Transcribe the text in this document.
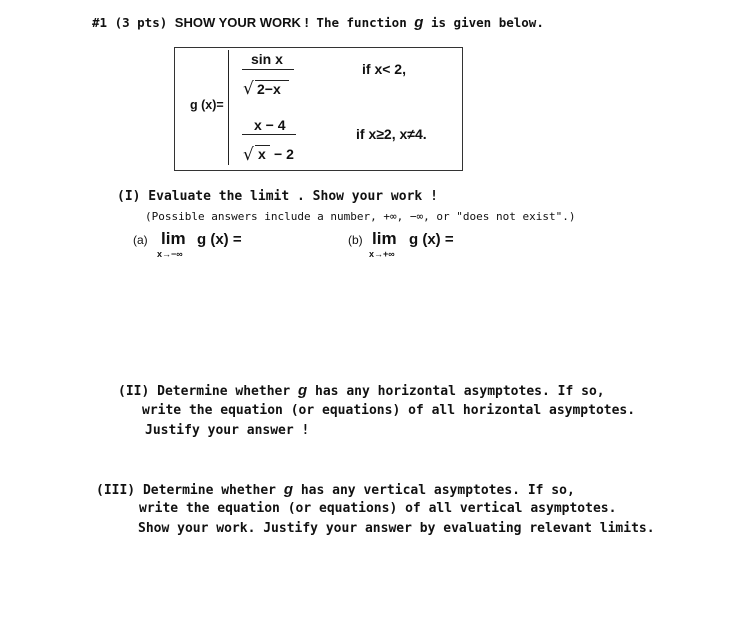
#1 (3 pts) SHOW YOUR WORK ! The function g is given below.
g (x)=
sin x
√ 2−x
if x< 2,
x − 4
√ x − 2
if x≥2, x≠4.
(I) Evaluate the limit . Show your work !
(Possible answers include a number, +∞, −∞, or "does not exist".)
(a) lim
x→−∞
g (x) =	(b) lim
x→+∞
g (x) =
(II) Determine whether g has any horizontal asymptotes. If so,
write the equation (or equations) of all horizontal asymptotes.
Justify your answer !
(III) Determine whether g has any vertical asymptotes. If so,
write the equation (or equations) of all vertical asymptotes.
Show your work. Justify your answer by evaluating relevant limits.
